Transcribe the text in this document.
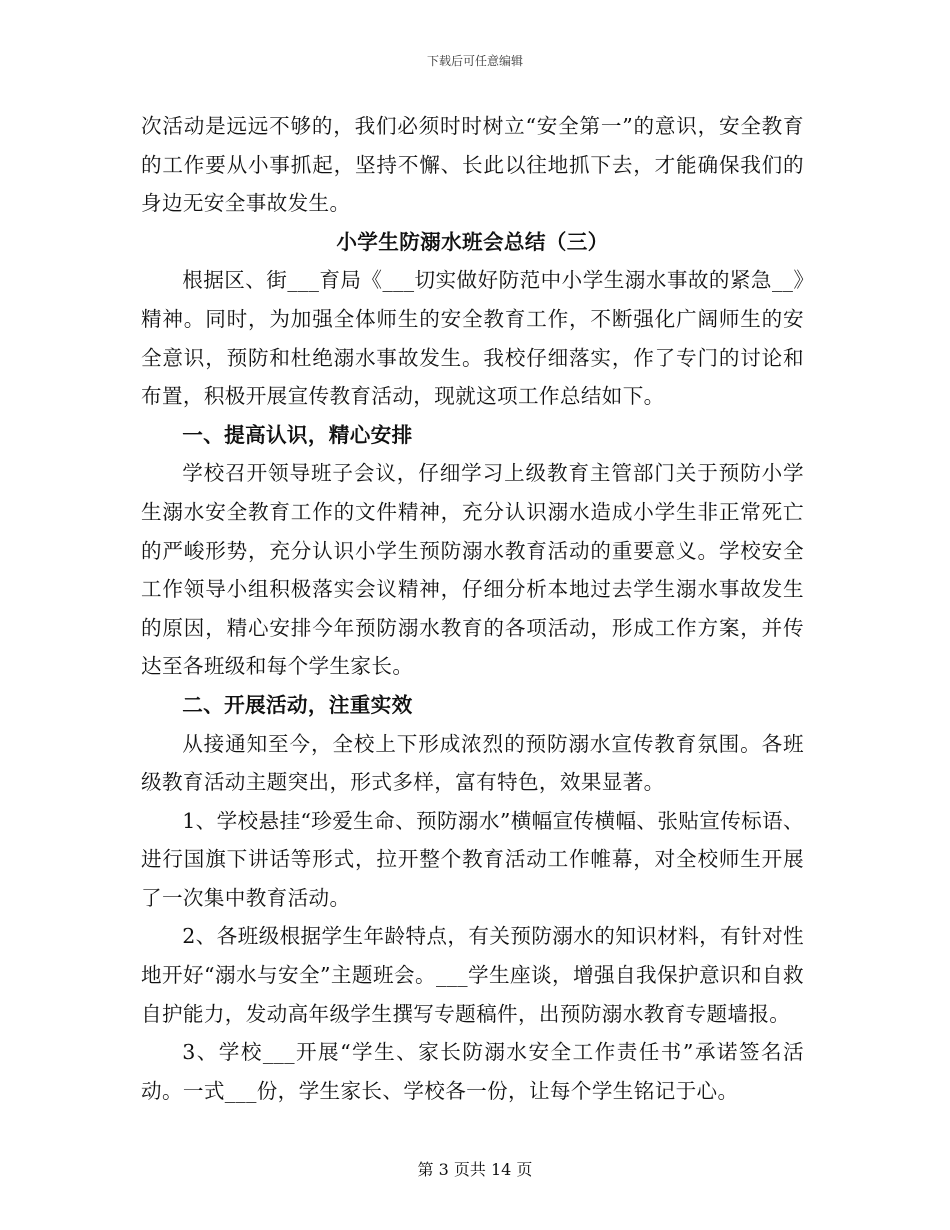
下载后可任意编辑

次活动是远远不够的，我们必须时时树立“安全第一”的意识，安全教育的工作要从小事抓起，坚持不懈、长此以往地抓下去，才能确保我们的身边无安全事故发生。

小学生防溺水班会总结（三）

根据区、街___育局《___切实做好防范中小学生溺水事故的紧急__》精神。同时，为加强全体师生的安全教育工作，不断强化广阔师生的安全意识，预防和杜绝溺水事故发生。我校仔细落实，作了专门的讨论和布置，积极开展宣传教育活动，现就这项工作总结如下。

一、提高认识，精心安排

学校召开领导班子会议，仔细学习上级教育主管部门关于预防小学生溺水安全教育工作的文件精神，充分认识溺水造成小学生非正常死亡的严峻形势，充分认识小学生预防溺水教育活动的重要意义。学校安全工作领导小组积极落实会议精神，仔细分析本地过去学生溺水事故发生的原因，精心安排今年预防溺水教育的各项活动，形成工作方案，并传达至各班级和每个学生家长。

二、开展活动，注重实效

从接通知至今，全校上下形成浓烈的预防溺水宣传教育氛围。各班级教育活动主题突出，形式多样，富有特色，效果显著。

1、学校悬挂“珍爱生命、预防溺水”横幅宣传横幅、张贴宣传标语、进行国旗下讲话等形式，拉开整个教育活动工作帷幕，对全校师生开展了一次集中教育活动。

2、各班级根据学生年龄特点，有关预防溺水的知识材料，有针对性地开好“溺水与安全”主题班会。___学生座谈，增强自我保护意识和自救自护能力，发动高年级学生撰写专题稿件，出预防溺水教育专题墙报。

3、学校___开展“学生、家长防溺水安全工作责任书”承诺签名活动。一式___份，学生家长、学校各一份，让每个学生铭记于心。

第 3 页共 14 页
